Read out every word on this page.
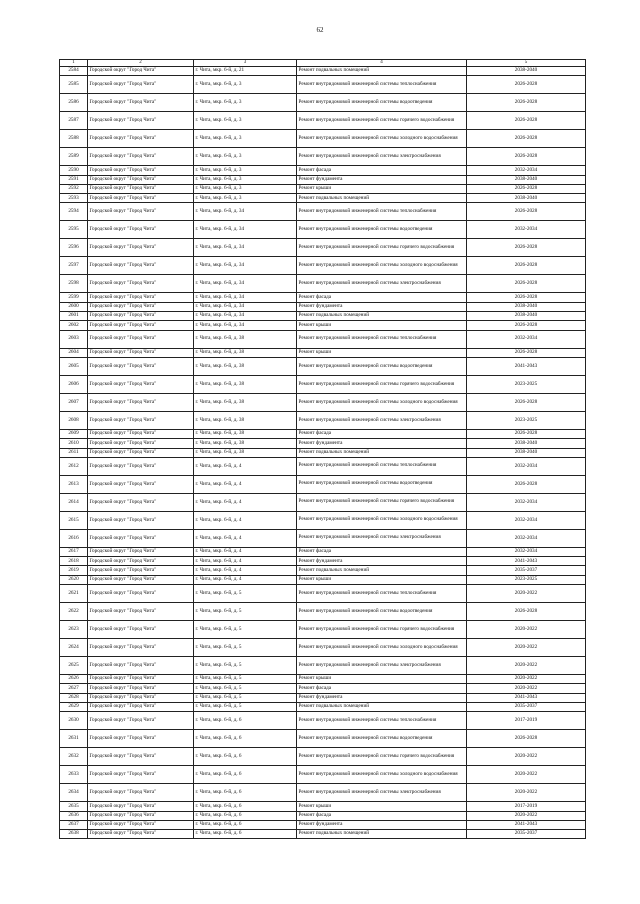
62
1	2	3	4	5
2584	Городской округ "Город Чита"	г. Чита, мкр. 6-й, д. 21	Ремонт подвальных помещений	2038-2040
2585	Городской округ "Город Чита"	г. Чита, мкр. 6-й, д. 3	Ремонт внутридомовой инженерной системы теплоснабжения	2026-2028
2586	Городской округ "Город Чита"	г. Чита, мкр. 6-й, д. 3	Ремонт внутридомовой инженерной системы водоотведения	2026-2028
2587	Городской округ "Город Чита"	г. Чита, мкр. 6-й, д. 3	Ремонт внутридомовой инженерной системы горячего водоснабжения	2026-2028
2588	Городской округ "Город Чита"	г. Чита, мкр. 6-й, д. 3	Ремонт внутридомовой инженерной системы холодного водоснабжения	2026-2028
2589	Городской округ "Город Чита"	г. Чита, мкр. 6-й, д. 3	Ремонт внутридомовой инженерной системы электроснабжения	2026-2028
2590	Городской округ "Город Чита"	г. Чита, мкр. 6-й, д. 3	Ремонт фасада	2032-2034
2591	Городской округ "Город Чита"	г. Чита, мкр. 6-й, д. 3	Ремонт фундамента	2038-2040
2592	Городской округ "Город Чита"	г. Чита, мкр. 6-й, д. 3	Ремонт крыши	2026-2028
2593	Городской округ "Город Чита"	г. Чита, мкр. 6-й, д. 3	Ремонт подвальных помещений	2038-2040
2594	Городской округ "Город Чита"	г. Чита, мкр. 6-й, д. 34	Ремонт внутридомовой инженерной системы теплоснабжения	2026-2028
2595	Городской округ "Город Чита"	г. Чита, мкр. 6-й, д. 34	Ремонт внутридомовой инженерной системы водоотведения	2032-2034
2596	Городской округ "Город Чита"	г. Чита, мкр. 6-й, д. 34	Ремонт внутридомовой инженерной системы горячего водоснабжения	2026-2028
2597	Городской округ "Город Чита"	г. Чита, мкр. 6-й, д. 34	Ремонт внутридомовой инженерной системы холодного водоснабжения	2026-2028
2598	Городской округ "Город Чита"	г. Чита, мкр. 6-й, д. 34	Ремонт внутридомовой инженерной системы электроснабжения	2026-2028
2599	Городской округ "Город Чита"	г. Чита, мкр. 6-й, д. 34	Ремонт фасада	2026-2028
2600	Городской округ "Город Чита"	г. Чита, мкр. 6-й, д. 34	Ремонт фундамента	2038-2040
2601	Городской округ "Город Чита"	г. Чита, мкр. 6-й, д. 34	Ремонт подвальных помещений	2038-2040
2602	Городской округ "Город Чита"	г. Чита, мкр. 6-й, д. 34	Ремонт крыши	2026-2028
2603	Городской округ "Город Чита"	г. Чита, мкр. 6-й, д. 38	Ремонт внутридомовой инженерной системы теплоснабжения	2032-2034
2604	Городской округ "Город Чита"	г. Чита, мкр. 6-й, д. 38	Ремонт крыши	2026-2028
2605	Городской округ "Город Чита"	г. Чита, мкр. 6-й, д. 38	Ремонт внутридомовой инженерной системы водоотведения	2041-2043
2606	Городской округ "Город Чита"	г. Чита, мкр. 6-й, д. 38	Ремонт внутридомовой инженерной системы горячего водоснабжения	2023-2025
2607	Городской округ "Город Чита"	г. Чита, мкр. 6-й, д. 38	Ремонт внутридомовой инженерной системы холодного водоснабжения	2026-2028
2608	Городской округ "Город Чита"	г. Чита, мкр. 6-й, д. 38	Ремонт внутридомовой инженерной системы электроснабжения	2023-2025
2609	Городской округ "Город Чита"	г. Чита, мкр. 6-й, д. 38	Ремонт фасада	2026-2028
2610	Городской округ "Город Чита"	г. Чита, мкр. 6-й, д. 38	Ремонт фундамента	2038-2040
2611	Городской округ "Город Чита"	г. Чита, мкр. 6-й, д. 38	Ремонт подвальных помещений	2038-2040
2612	Городской округ "Город Чита"	г. Чита, мкр. 6-й, д. 4	Ремонт внутридомовой инженерной системы теплоснабжения	2032-2034
2613	Городской округ "Город Чита"	г. Чита, мкр. 6-й, д. 4	Ремонт внутридомовой инженерной системы водоотведения	2026-2028
2614	Городской округ "Город Чита"	г. Чита, мкр. 6-й, д. 4	Ремонт внутридомовой инженерной системы горячего водоснабжения	2032-2034
2615	Городской округ "Город Чита"	г. Чита, мкр. 6-й, д. 4	Ремонт внутридомовой инженерной системы холодного водоснабжения	2032-2034
2616	Городской округ "Город Чита"	г. Чита, мкр. 6-й, д. 4	Ремонт внутридомовой инженерной системы электроснабжения	2032-2034
2617	Городской округ "Город Чита"	г. Чита, мкр. 6-й, д. 4	Ремонт фасада	2032-2034
2618	Городской округ "Город Чита"	г. Чита, мкр. 6-й, д. 4	Ремонт фундамента	2041-2043
2619	Городской округ "Город Чита"	г. Чита, мкр. 6-й, д. 4	Ремонт подвальных помещений	2035-2037
2620	Городской округ "Город Чита"	г. Чита, мкр. 6-й, д. 4	Ремонт крыши	2023-2025
2621	Городской округ "Город Чита"	г. Чита, мкр. 6-й, д. 5	Ремонт внутридомовой инженерной системы теплоснабжения	2020-2022
2622	Городской округ "Город Чита"	г. Чита, мкр. 6-й, д. 5	Ремонт внутридомовой инженерной системы водоотведения	2026-2028
2623	Городской округ "Город Чита"	г. Чита, мкр. 6-й, д. 5	Ремонт внутридомовой инженерной системы горячего водоснабжения	2020-2022
2624	Городской округ "Город Чита"	г. Чита, мкр. 6-й, д. 5	Ремонт внутридомовой инженерной системы холодного водоснабжения	2020-2022
2625	Городской округ "Город Чита"	г. Чита, мкр. 6-й, д. 5	Ремонт внутридомовой инженерной системы электроснабжения	2020-2022
2626	Городской округ "Город Чита"	г. Чита, мкр. 6-й, д. 5	Ремонт крыши	2020-2022
2627	Городской округ "Город Чита"	г. Чита, мкр. 6-й, д. 5	Ремонт фасада	2020-2022
2628	Городской округ "Город Чита"	г. Чита, мкр. 6-й, д. 5	Ремонт фундамента	2041-2043
2629	Городской округ "Город Чита"	г. Чита, мкр. 6-й, д. 5	Ремонт подвальных помещений	2035-2037
2630	Городской округ "Город Чита"	г. Чита, мкр. 6-й, д. 6	Ремонт внутридомовой инженерной системы теплоснабжения	2017-2019
2631	Городской округ "Город Чита"	г. Чита, мкр. 6-й, д. 6	Ремонт внутридомовой инженерной системы водоотведения	2026-2028
2632	Городской округ "Город Чита"	г. Чита, мкр. 6-й, д. 6	Ремонт внутридомовой инженерной системы горячего водоснабжения	2020-2022
2633	Городской округ "Город Чита"	г. Чита, мкр. 6-й, д. 6	Ремонт внутридомовой инженерной системы холодного водоснабжения	2020-2022
2634	Городской округ "Город Чита"	г. Чита, мкр. 6-й, д. 6	Ремонт внутридомовой инженерной системы электроснабжения	2020-2022
2635	Городской округ "Город Чита"	г. Чита, мкр. 6-й, д. 6	Ремонт крыши	2017-2019
2636	Городской округ "Город Чита"	г. Чита, мкр. 6-й, д. 6	Ремонт фасада	2020-2022
2637	Городской округ "Город Чита"	г. Чита, мкр. 6-й, д. 6	Ремонт фундамента	2041-2043
2638	Городской округ "Город Чита"	г. Чита, мкр. 6-й, д. 6	Ремонт подвальных помещений	2035-2037
